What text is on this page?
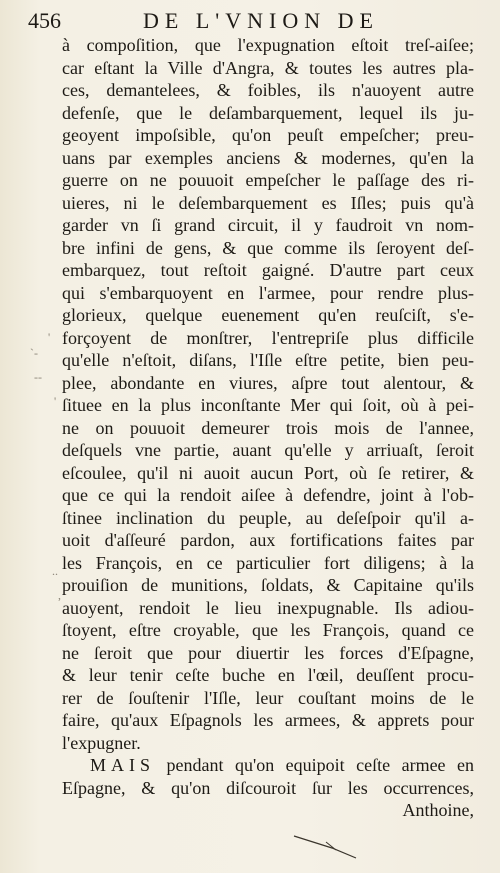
456	DE L'VNION DE
à compoſition, que l'expugnation eſtoit treſ-aiſee;
car eſtant la Ville d'Angra, & toutes les autres pla-
ces, demantelees, & foibles, ils n'auoyent autre
defenſe, que le deſambarquement, lequel ils ju-
geoyent impoſsible, qu'on peuſt empeſcher; preu-
uans par exemples anciens & modernes, qu'en la
guerre on ne pouuoit empeſcher le paſſage des ri-
uieres, ni le deſembarquement es Iſles; puis qu'à
garder vn ſi grand circuit, il y faudroit vn nom-
bre infini de gens, & que comme ils ſeroyent deſ-
embarquez, tout reſtoit gaigné. D'autre part ceux
qui s'embarquoyent en l'armee, pour rendre plus-
glorieux, quelque euenement qu'en reuſciſt, s'e-
forçoyent de monſtrer, l'entrepriſe plus difficile
qu'elle n'eſtoit, diſans, l'Iſle eſtre petite, bien peu-
plee, abondante en viures, aſpre tout alentour, &
ſituee en la plus inconſtante Mer qui ſoit, où à pei-
ne on pouuoit demeurer trois mois de l'annee,
deſquels vne partie, auant qu'elle y arriuaſt, ſeroit
eſcoulee, qu'il ni auoit aucun Port, où ſe retirer, &
que ce qui la rendoit aiſee à defendre, joint à l'ob-
ſtinee inclination du peuple, au deſeſpoir qu'il a-
uoit d'aſſeuré pardon, aux fortifications faites par
les François, en ce particulier fort diligens; à la
prouiſion de munitions, ſoldats, & Capitaine qu'ils
auoyent, rendoit le lieu inexpugnable. Ils adiou-
ſtoyent, eſtre croyable, que les François, quand ce
ne ſeroit que pour diuertir les forces d'Eſpagne,
& leur tenir ceſte buche en l'œil, deuſſent procu-
rer de ſouſtenir l'Iſle, leur couſtant moins de le
faire, qu'aux Eſpagnols les armees, & apprets pour
l'expugner.
MAIS pendant qu'on equipoit ceſte armee en
Eſpagne, & qu'on diſcouroit ſur les occurrences,
Anthoine,
'
`-
--
'
..
,
